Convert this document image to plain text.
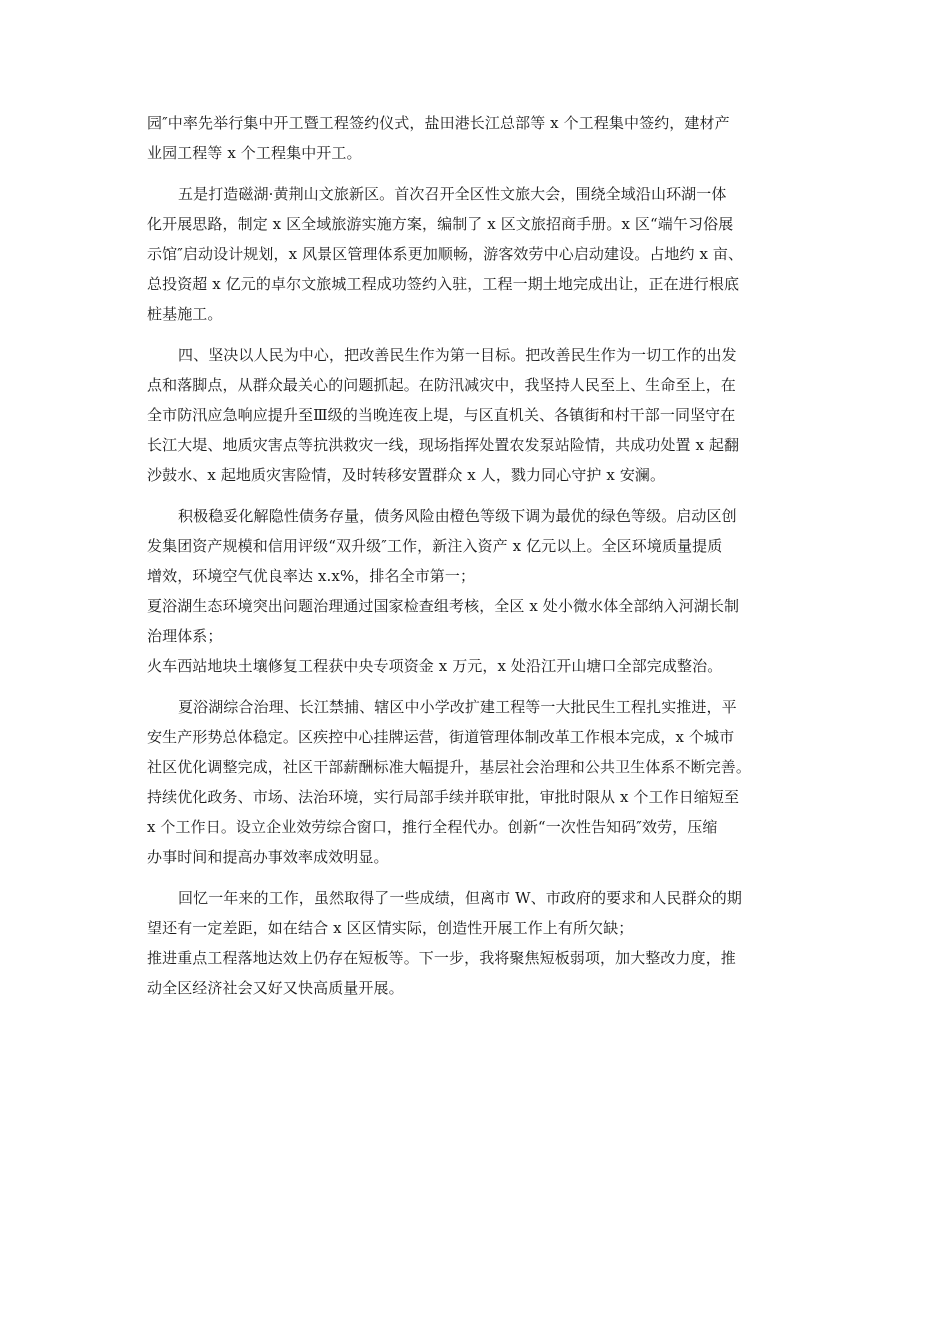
园″中率先举行集中开工暨工程签约仪式，盐田港长江总部等 x 个工程集中签约，建材产
业园工程等 x 个工程集中开工。

五是打造磁湖·黄荆山文旅新区。首次召开全区性文旅大会，围绕全域沿山环湖一体
化开展思路，制定 x 区全域旅游实施方案，编制了 x 区文旅招商手册。x 区“端午习俗展
示馆″启动设计规划，x 风景区管理体系更加顺畅，游客效劳中心启动建设。占地约 x 亩、
总投资超 x 亿元的卓尔文旅城工程成功签约入驻，工程一期土地完成出让，正在进行根底
桩基施工。

四、坚决以人民为中心，把改善民生作为第一目标。把改善民生作为一切工作的出发
点和落脚点，从群众最关心的问题抓起。在防汛减灾中，我坚持人民至上、生命至上，在
全市防汛应急响应提升至Ⅲ级的当晚连夜上堤，与区直机关、各镇街和村干部一同坚守在
长江大堤、地质灾害点等抗洪救灾一线，现场指挥处置农发泵站险情，共成功处置 x 起翻
沙鼓水、x 起地质灾害险情，及时转移安置群众 x 人，戮力同心守护 x 安澜。

积极稳妥化解隐性债务存量，债务风险由橙色等级下调为最优的绿色等级。启动区创
发集团资产规模和信用评级“双升级″工作，新注入资产 x 亿元以上。全区环境质量提质
增效，环境空气优良率达 x.x%，排名全市第一；
夏浴湖生态环境突出问题治理通过国家检查组考核，全区 x 处小微水体全部纳入河湖长制
治理体系；
火车西站地块土壤修复工程获中央专项资金 x 万元，x 处沿江开山塘口全部完成整治。

夏浴湖综合治理、长江禁捕、辖区中小学改扩建工程等一大批民生工程扎实推进，平
安生产形势总体稳定。区疾控中心挂牌运营，街道管理体制改革工作根本完成，x 个城市
社区优化调整完成，社区干部薪酬标准大幅提升，基层社会治理和公共卫生体系不断完善。
持续优化政务、市场、法治环境，实行局部手续并联审批，审批时限从 x 个工作日缩短至
x 个工作日。设立企业效劳综合窗口，推行全程代办。创新“一次性告知码″效劳，压缩
办事时间和提高办事效率成效明显。

回忆一年来的工作，虽然取得了一些成绩，但离市 W、市政府的要求和人民群众的期
望还有一定差距，如在结合 x 区区情实际，创造性开展工作上有所欠缺；
推进重点工程落地达效上仍存在短板等。下一步，我将聚焦短板弱项，加大整改力度，推
动全区经济社会又好又快高质量开展。
